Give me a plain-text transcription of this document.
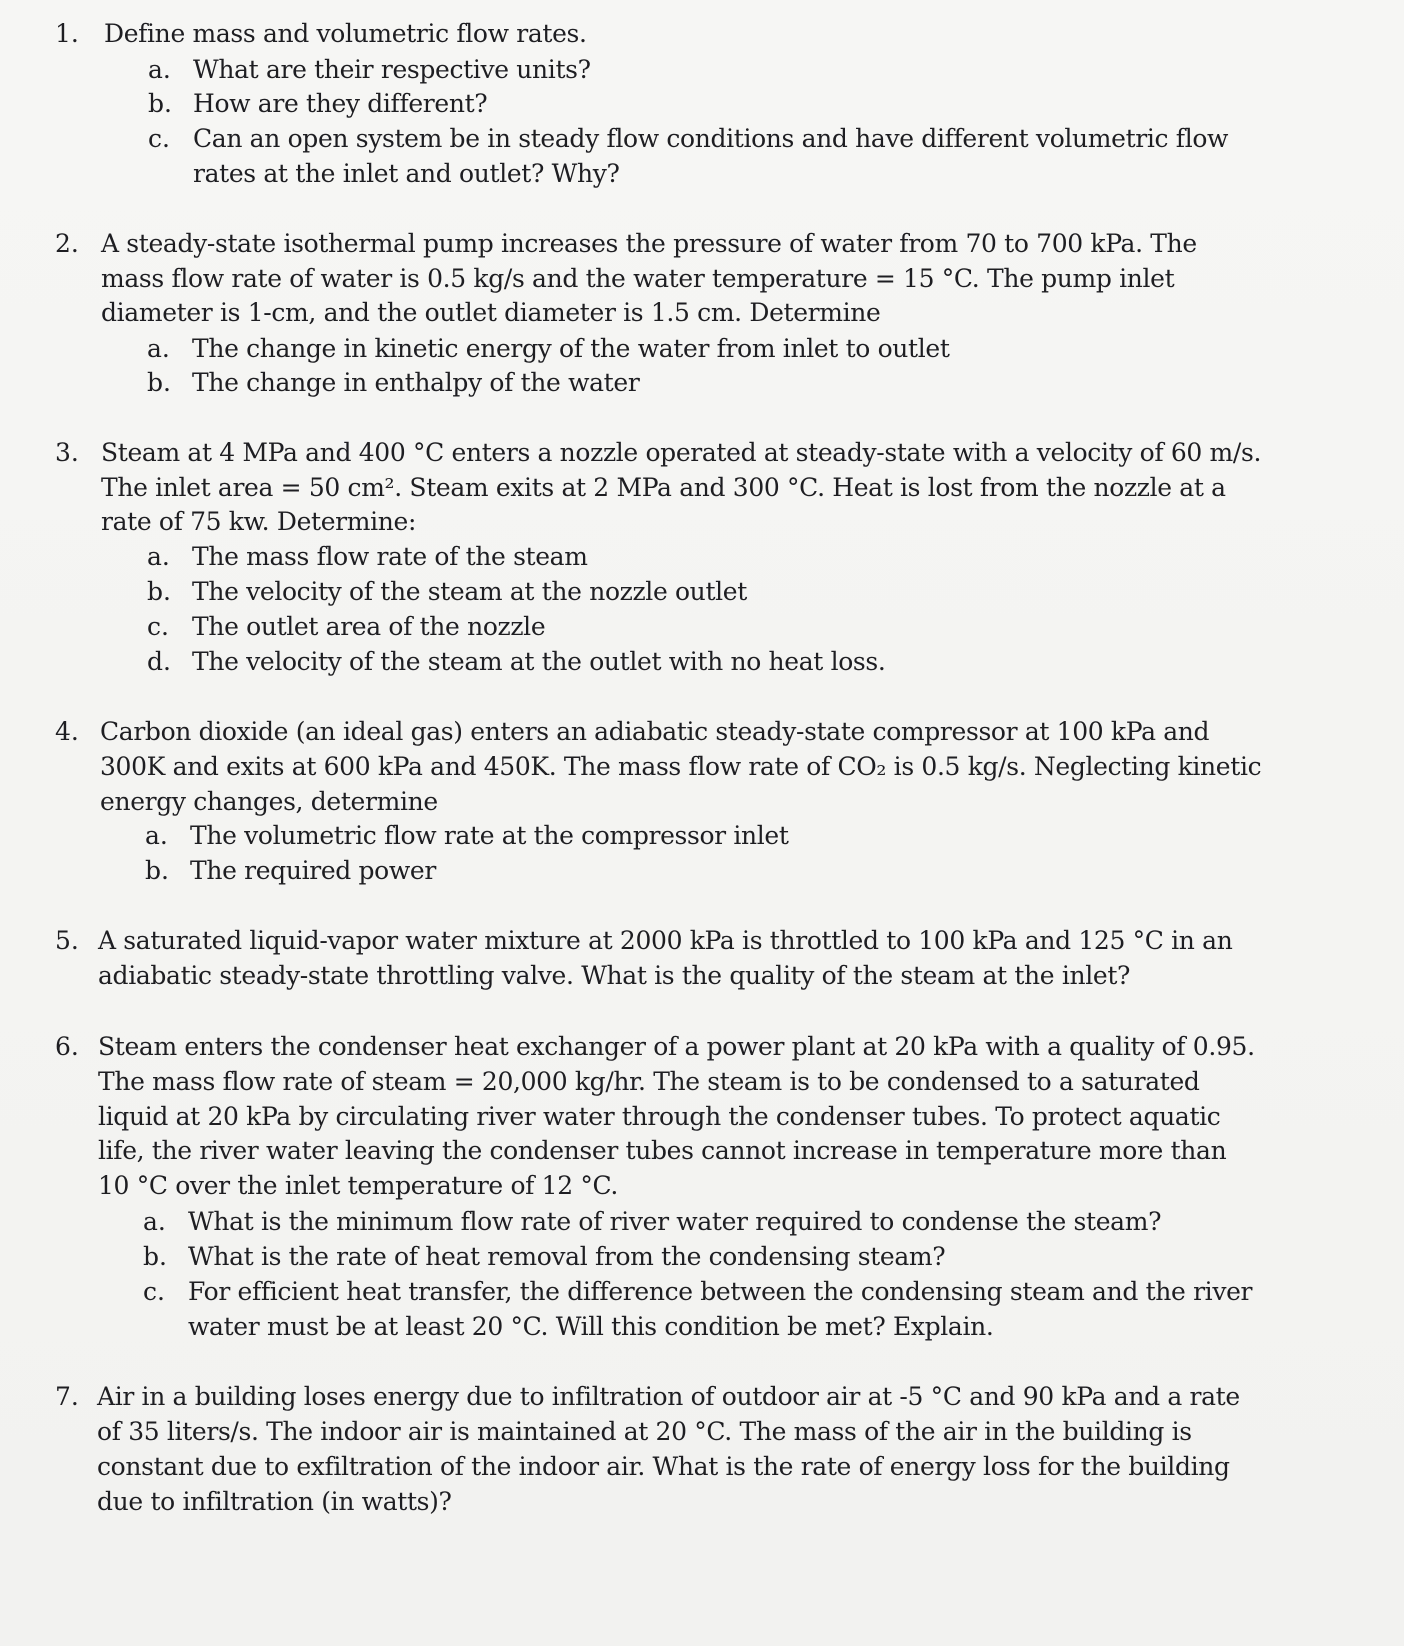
1. Define mass and volumetric flow rates.
a. What are their respective units?
b. How are they different?
c. Can an open system be in steady flow conditions and have different volumetric flow
rates at the inlet and outlet? Why?
2. A steady-state isothermal pump increases the pressure of water from 70 to 700 kPa. The
mass flow rate of water is 0.5 kg/s and the water temperature = 15 °C. The pump inlet
diameter is 1-cm, and the outlet diameter is 1.5 cm. Determine
a. The change in kinetic energy of the water from inlet to outlet
b. The change in enthalpy of the water
3. Steam at 4 MPa and 400 °C enters a nozzle operated at steady-state with a velocity of 60 m/s.
The inlet area = 50 cm². Steam exits at 2 MPa and 300 °C. Heat is lost from the nozzle at a
rate of 75 kw. Determine:
a. The mass flow rate of the steam
b. The velocity of the steam at the nozzle outlet
c. The outlet area of the nozzle
d. The velocity of the steam at the outlet with no heat loss.
4. Carbon dioxide (an ideal gas) enters an adiabatic steady-state compressor at 100 kPa and
300K and exits at 600 kPa and 450K. The mass flow rate of CO₂ is 0.5 kg/s. Neglecting kinetic
energy changes, determine
a. The volumetric flow rate at the compressor inlet
b. The required power
5. A saturated liquid-vapor water mixture at 2000 kPa is throttled to 100 kPa and 125 °C in an
adiabatic steady-state throttling valve. What is the quality of the steam at the inlet?
6. Steam enters the condenser heat exchanger of a power plant at 20 kPa with a quality of 0.95.
The mass flow rate of steam = 20,000 kg/hr. The steam is to be condensed to a saturated
liquid at 20 kPa by circulating river water through the condenser tubes. To protect aquatic
life, the river water leaving the condenser tubes cannot increase in temperature more than
10 °C over the inlet temperature of 12 °C.
a. What is the minimum flow rate of river water required to condense the steam?
b. What is the rate of heat removal from the condensing steam?
c. For efficient heat transfer, the difference between the condensing steam and the river
water must be at least 20 °C. Will this condition be met? Explain.
7. Air in a building loses energy due to infiltration of outdoor air at -5 °C and 90 kPa and a rate
of 35 liters/s. The indoor air is maintained at 20 °C. The mass of the air in the building is
constant due to exfiltration of the indoor air. What is the rate of energy loss for the building
due to infiltration (in watts)?
